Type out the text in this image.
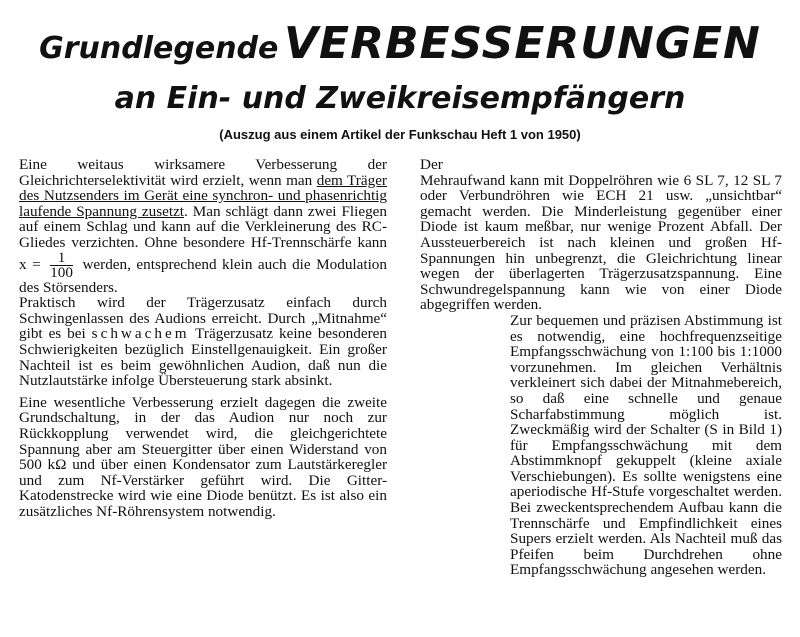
Grundlegende VERBESSERUNGEN
an Ein- und Zweikreisempfängern
(Auszug aus einem Artikel der Funkschau Heft 1 von 1950)

Eine weitaus wirksamere Verbesserung der Gleichrichterselektivität wird erzielt, wenn man dem Träger des Nutzsenders im Gerät eine synchron- und phasenrichtig laufende Spannung zusetzt. Man schlägt dann zwei Fliegen auf einem Schlag und kann auf die Verkleinerung des RC-Gliedes verzichten. Ohne besondere Hf-Trennschärfe kann $x = \frac{1}{100}$ werden, entsprechend klein auch die Modulation des Störsenders.

Praktisch wird der Trägerzusatz einfach durch Schwingenlassen des Audions erreicht. Durch „Mitnahme“ gibt es bei schwachem Trägerzusatz keine besonderen Schwierigkeiten bezüglich Einstellgenauigkeit. Ein großer Nachteil ist es beim gewöhnlichen Audion, daß nun die Nutzlautstärke infolge Übersteuerung stark absinkt.

Eine wesentliche Verbesserung erzielt dagegen die zweite Grundschaltung, in der das Audion nur noch zur Rückkopplung verwendet wird, die gleichgerichtete Spannung aber am Steuergitter über einen Widerstand von 500 kΩ und über einen Kondensator zum Lautstärkeregler und zum Nf-Verstärker geführt wird. Die Gitter-Katodenstrecke wird wie eine Diode benützt. Es ist also ein zusätzliches Nf-Röhrensystem notwendig.

Der

Mehraufwand kann mit Doppelröhren wie 6 SL 7, 12 SL 7 oder Verbundröhren wie ECH 21 usw. „unsichtbar“ gemacht werden. Die Minderleistung gegenüber einer Diode ist kaum meßbar, nur wenige Prozent Abfall. Der Aussteuerbereich ist nach kleinen und großen Hf-Spannungen hin unbegrenzt, die Gleichrichtung linear wegen der überlagerten Trägerzusatzspannung. Eine Schwundregelspannung kann wie von einer Diode abgegriffen werden.

Zur bequemen und präzisen Abstimmung ist es notwendig, eine hochfrequenzseitige Empfangsschwächung von 1:100 bis 1:1000 vorzunehmen. Im gleichen Verhältnis verkleinert sich dabei der Mitnahmebereich, so daß eine schnelle und genaue Scharfabstimmung möglich ist. Zweckmäßig wird der Schalter (S in Bild 1) für Empfangsschwächung mit dem Abstimmknopf gekuppelt (kleine axiale Verschiebungen). Es sollte wenigstens eine aperiodische Hf-Stufe vorgeschaltet werden. Bei zweckentsprechendem Aufbau kann die Trennschärfe und Empfindlichkeit eines Supers erzielt werden. Als Nachteil muß das Pfeifen beim Durchdrehen ohne Empfangsschwächung angesehen werden.
